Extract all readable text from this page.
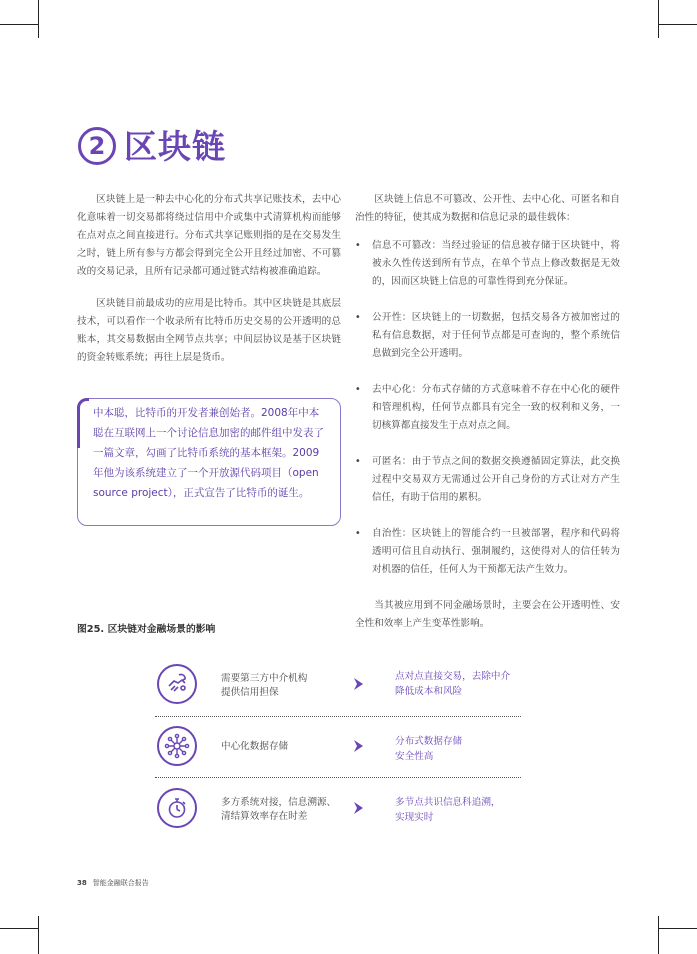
2 区块链

区块链上是一种去中心化的分布式共享记账技术，去中心化意味着一切交易都将绕过信用中介或集中式清算机构而能够在点对点之间直接进行。分布式共享记账则指的是在交易发生之时，链上所有参与方都会得到完全公开且经过加密、不可篡改的交易记录，且所有记录都可通过链式结构被准确追踪。

区块链目前最成功的应用是比特币。其中区块链是其底层技术，可以看作一个收录所有比特币历史交易的公开透明的总账本，其交易数据由全网节点共享；中间层协议是基于区块链的资金转账系统；再往上层是货币。

中本聪，比特币的开发者兼创始者。2008年中本聪在互联网上一个讨论信息加密的邮件组中发表了一篇文章，勾画了比特币系统的基本框架。2009年他为该系统建立了一个开放源代码项目（open source project），正式宣告了比特币的诞生。

区块链上信息不可篡改、公开性、去中心化、可匿名和自治性的特征，使其成为数据和信息记录的最佳载体：

• 信息不可篡改：当经过验证的信息被存储于区块链中，将被永久性传送到所有节点，在单个节点上修改数据是无效的，因而区块链上信息的可靠性得到充分保证。
• 公开性：区块链上的一切数据，包括交易各方被加密过的私有信息数据，对于任何节点都是可查询的，整个系统信息做到完全公开透明。
• 去中心化：分布式存储的方式意味着不存在中心化的硬件和管理机构，任何节点都具有完全一致的权利和义务，一切核算都直接发生于点对点之间。
• 可匿名：由于节点之间的数据交换遵循固定算法，此交换过程中交易双方无需通过公开自己身份的方式让对方产生信任，有助于信用的累积。
• 自治性：区块链上的智能合约一旦被部署，程序和代码将透明可信且自动执行、强制履约，这使得对人的信任转为对机器的信任，任何人为干预都无法产生效力。

当其被应用到不同金融场景时，主要会在公开透明性、安全性和效率上产生变革性影响。

图25. 区块链对金融场景的影响
需要第三方中介机构
提供信用担保
点对点直接交易，去除中介
降低成本和风险
中心化数据存储	分布式数据存储
安全性高
多方系统对接，信息溯源、
清结算效率存在时差
多节点共识信息科追溯，
实现实时
38 智能金融联合报告
